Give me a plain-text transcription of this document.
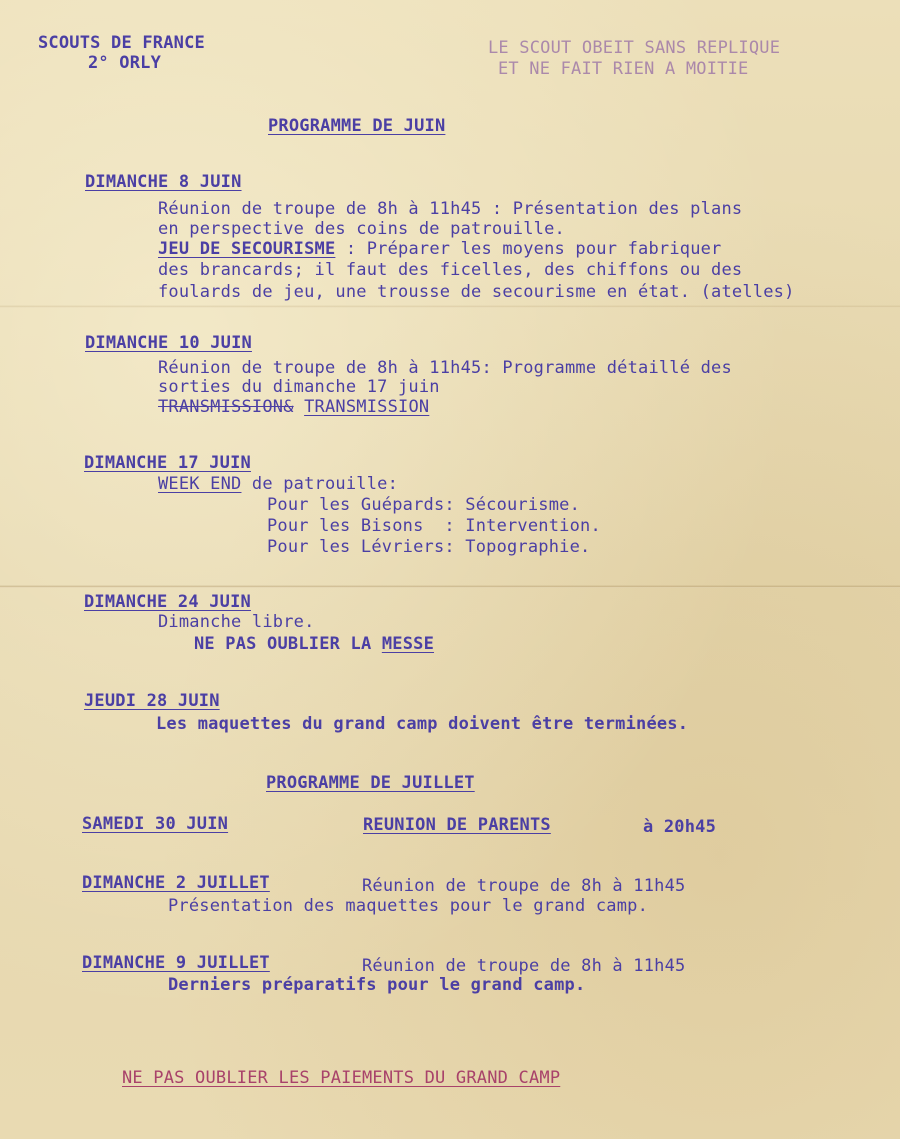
SCOUTS DE FRANCE
2° ORLY
LE SCOUT OBEIT SANS REPLIQUE
ET NE FAIT RIEN A MOITIE
PROGRAMME DE JUIN
DIMANCHE 8 JUIN
Réunion de troupe de 8h à 11h45 : Présentation des plans
en perspective des coins de patrouille.
JEU DE SECOURISME : Préparer les moyens pour fabriquer
des brancards; il faut des ficelles, des chiffons ou des
foulards de jeu, une trousse de secourisme en état. (atelles)
DIMANCHE 10 JUIN
Réunion de troupe de 8h à 11h45: Programme détaillé des
sorties du dimanche 17 juin
TRANSMISSION& TRANSMISSION
DIMANCHE 17 JUIN
WEEK END de patrouille:
Pour les Guépards: Sécourisme.
Pour les Bisons  : Intervention.
Pour les Lévriers: Topographie.
DIMANCHE 24 JUIN
Dimanche libre.
NE PAS OUBLIER LA MESSE
JEUDI 28 JUIN
Les maquettes du grand camp doivent être terminées.
PROGRAMME DE JUILLET
SAMEDI 30 JUIN	REUNION DE PARENTS	à 20h45
DIMANCHE 2 JUILLET	Réunion de troupe de 8h à 11h45
Présentation des maquettes pour le grand camp.
DIMANCHE 9 JUILLET	Réunion de troupe de 8h à 11h45
Derniers préparatifs pour le grand camp.
NE PAS OUBLIER LES PAIEMENTS DU GRAND CAMP
